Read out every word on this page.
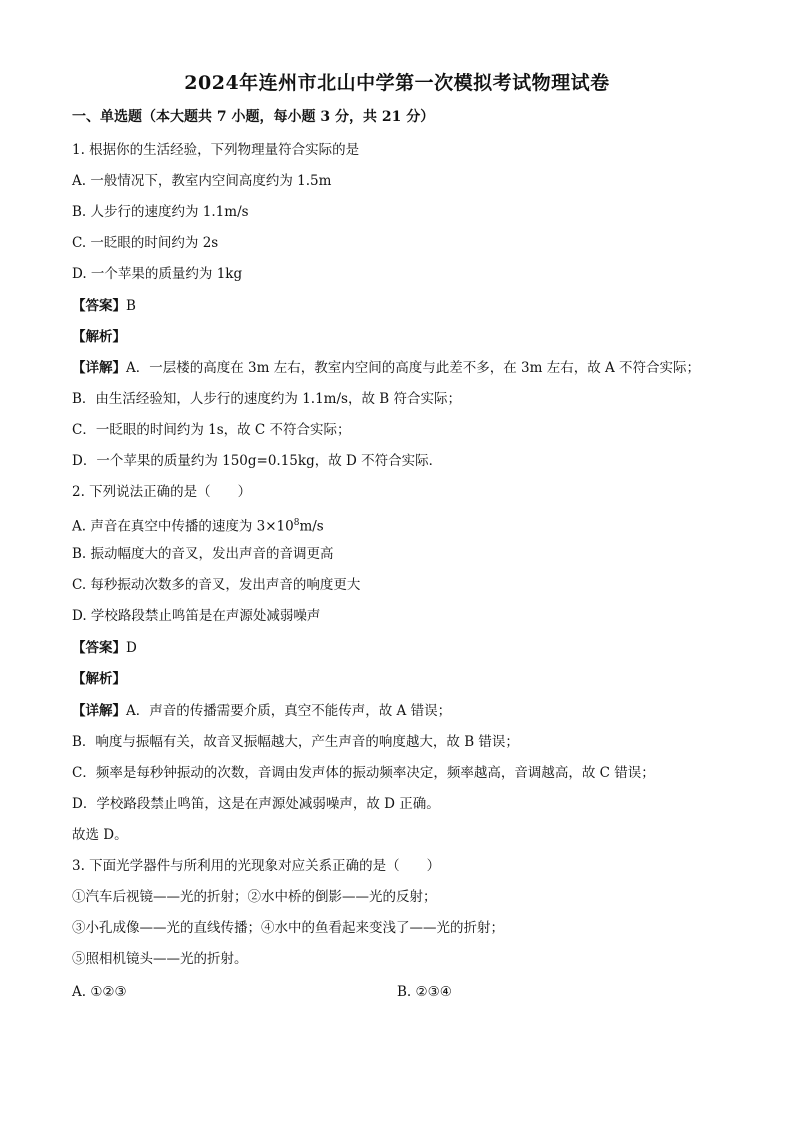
2024年连州市北山中学第一次模拟考试物理试卷
一、单选题（本大题共 7 小题，每小题 3 分，共 21 分）
1. 根据你的生活经验，下列物理量符合实际的是
A. 一般情况下，教室内空间高度约为 1.5m
B. 人步行的速度约为 1.1m/s
C. 一眨眼的时间约为 2s
D. 一个苹果的质量约为 1kg
【答案】B
【解析】
【详解】A．一层楼的高度在 3m 左右，教室内空间的高度与此差不多，在 3m 左右，故 A 不符合实际；
B．由生活经验知，人步行的速度约为 1.1m/s，故 B 符合实际；
C．一眨眼的时间约为 1s，故 C 不符合实际；
D．一个苹果的质量约为 150g=0.15kg，故 D 不符合实际．
2. 下列说法正确的是（　　）
A. 声音在真空中传播的速度为 $3\times 10^8m/s$
B. 振动幅度大的音叉，发出声音的音调更高
C. 每秒振动次数多的音叉，发出声音的响度更大
D. 学校路段禁止鸣笛是在声源处减弱噪声
【答案】D
【解析】
【详解】A．声音的传播需要介质，真空不能传声，故 A 错误；
B．响度与振幅有关，故音叉振幅越大，产生声音的响度越大，故 B 错误；
C．频率是每秒钟振动的次数，音调由发声体的振动频率决定，频率越高，音调越高，故 C 错误；
D．学校路段禁止鸣笛，这是在声源处减弱噪声，故 D 正确。
故选 D。
3. 下面光学器件与所利用的光现象对应关系正确的是（　　）
①汽车后视镜——光的折射；②水中桥的倒影——光的反射；
③小孔成像——光的直线传播；④水中的鱼看起来变浅了——光的折射；
⑤照相机镜头——光的折射。
A. ①②③	B. ②③④
